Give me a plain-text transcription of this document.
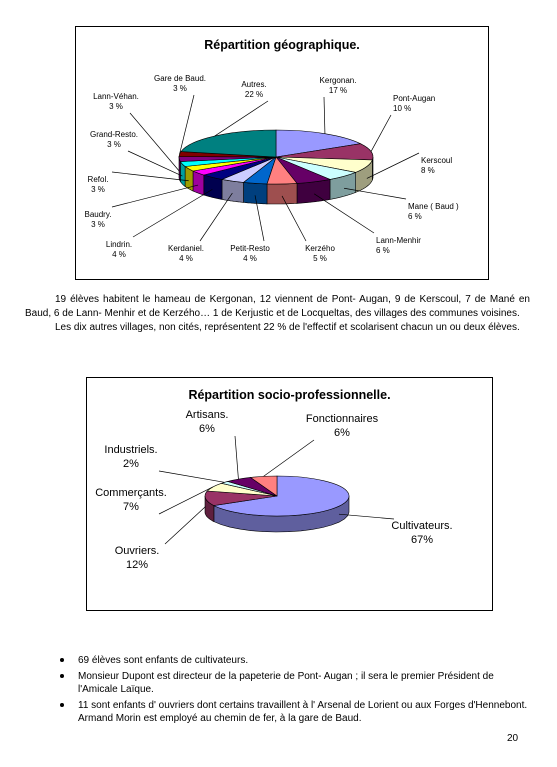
Répartition géographique.
Kergonan. 17 %
Pont-Augan 10 %
Kerscoul 8 %
Mane ( Baud ) 6 %
Lann-Menhir 6 %
Kerzého 5 %
Petit-Resto 4 %
Kerdaniel. 4 %
Lindrin. 4 %
Baudry. 3 %
Refol. 3 %
Grand-Resto. 3 %
Lann-Véhan. 3 %
Gare de Baud. 3 %	Autres. 22 %

19 élèves habitent le hameau de Kergonan, 12 viennent de Pont- Augan, 9 de Kerscoul, 7 de Mané en Baud, 6 de Lann- Menhir et de Kerzého… 1 de Kerjustic et de Locqueltas, des villages des communes voisines.

Les dix autres villages, non cités, représentent 22 % de l'effectif et scolarisent chacun un ou deux élèves.

Répartition socio-professionnelle.
Cultivateurs. 67%
Ouvriers. 12%
Commerçants. 7%
Industriels. 2%
Artisans. 6%
Fonctionnaires 6%
69 élèves sont enfants de cultivateurs.
Monsieur Dupont est directeur de la papeterie de Pont- Augan ; il sera le premier Président de l'Amicale Laïque.
11 sont enfants d' ouvriers dont certains travaillent à l' Arsenal de Lorient ou aux Forges d'Hennebont. Armand Morin est employé au chemin de fer, à la gare de Baud.
20
